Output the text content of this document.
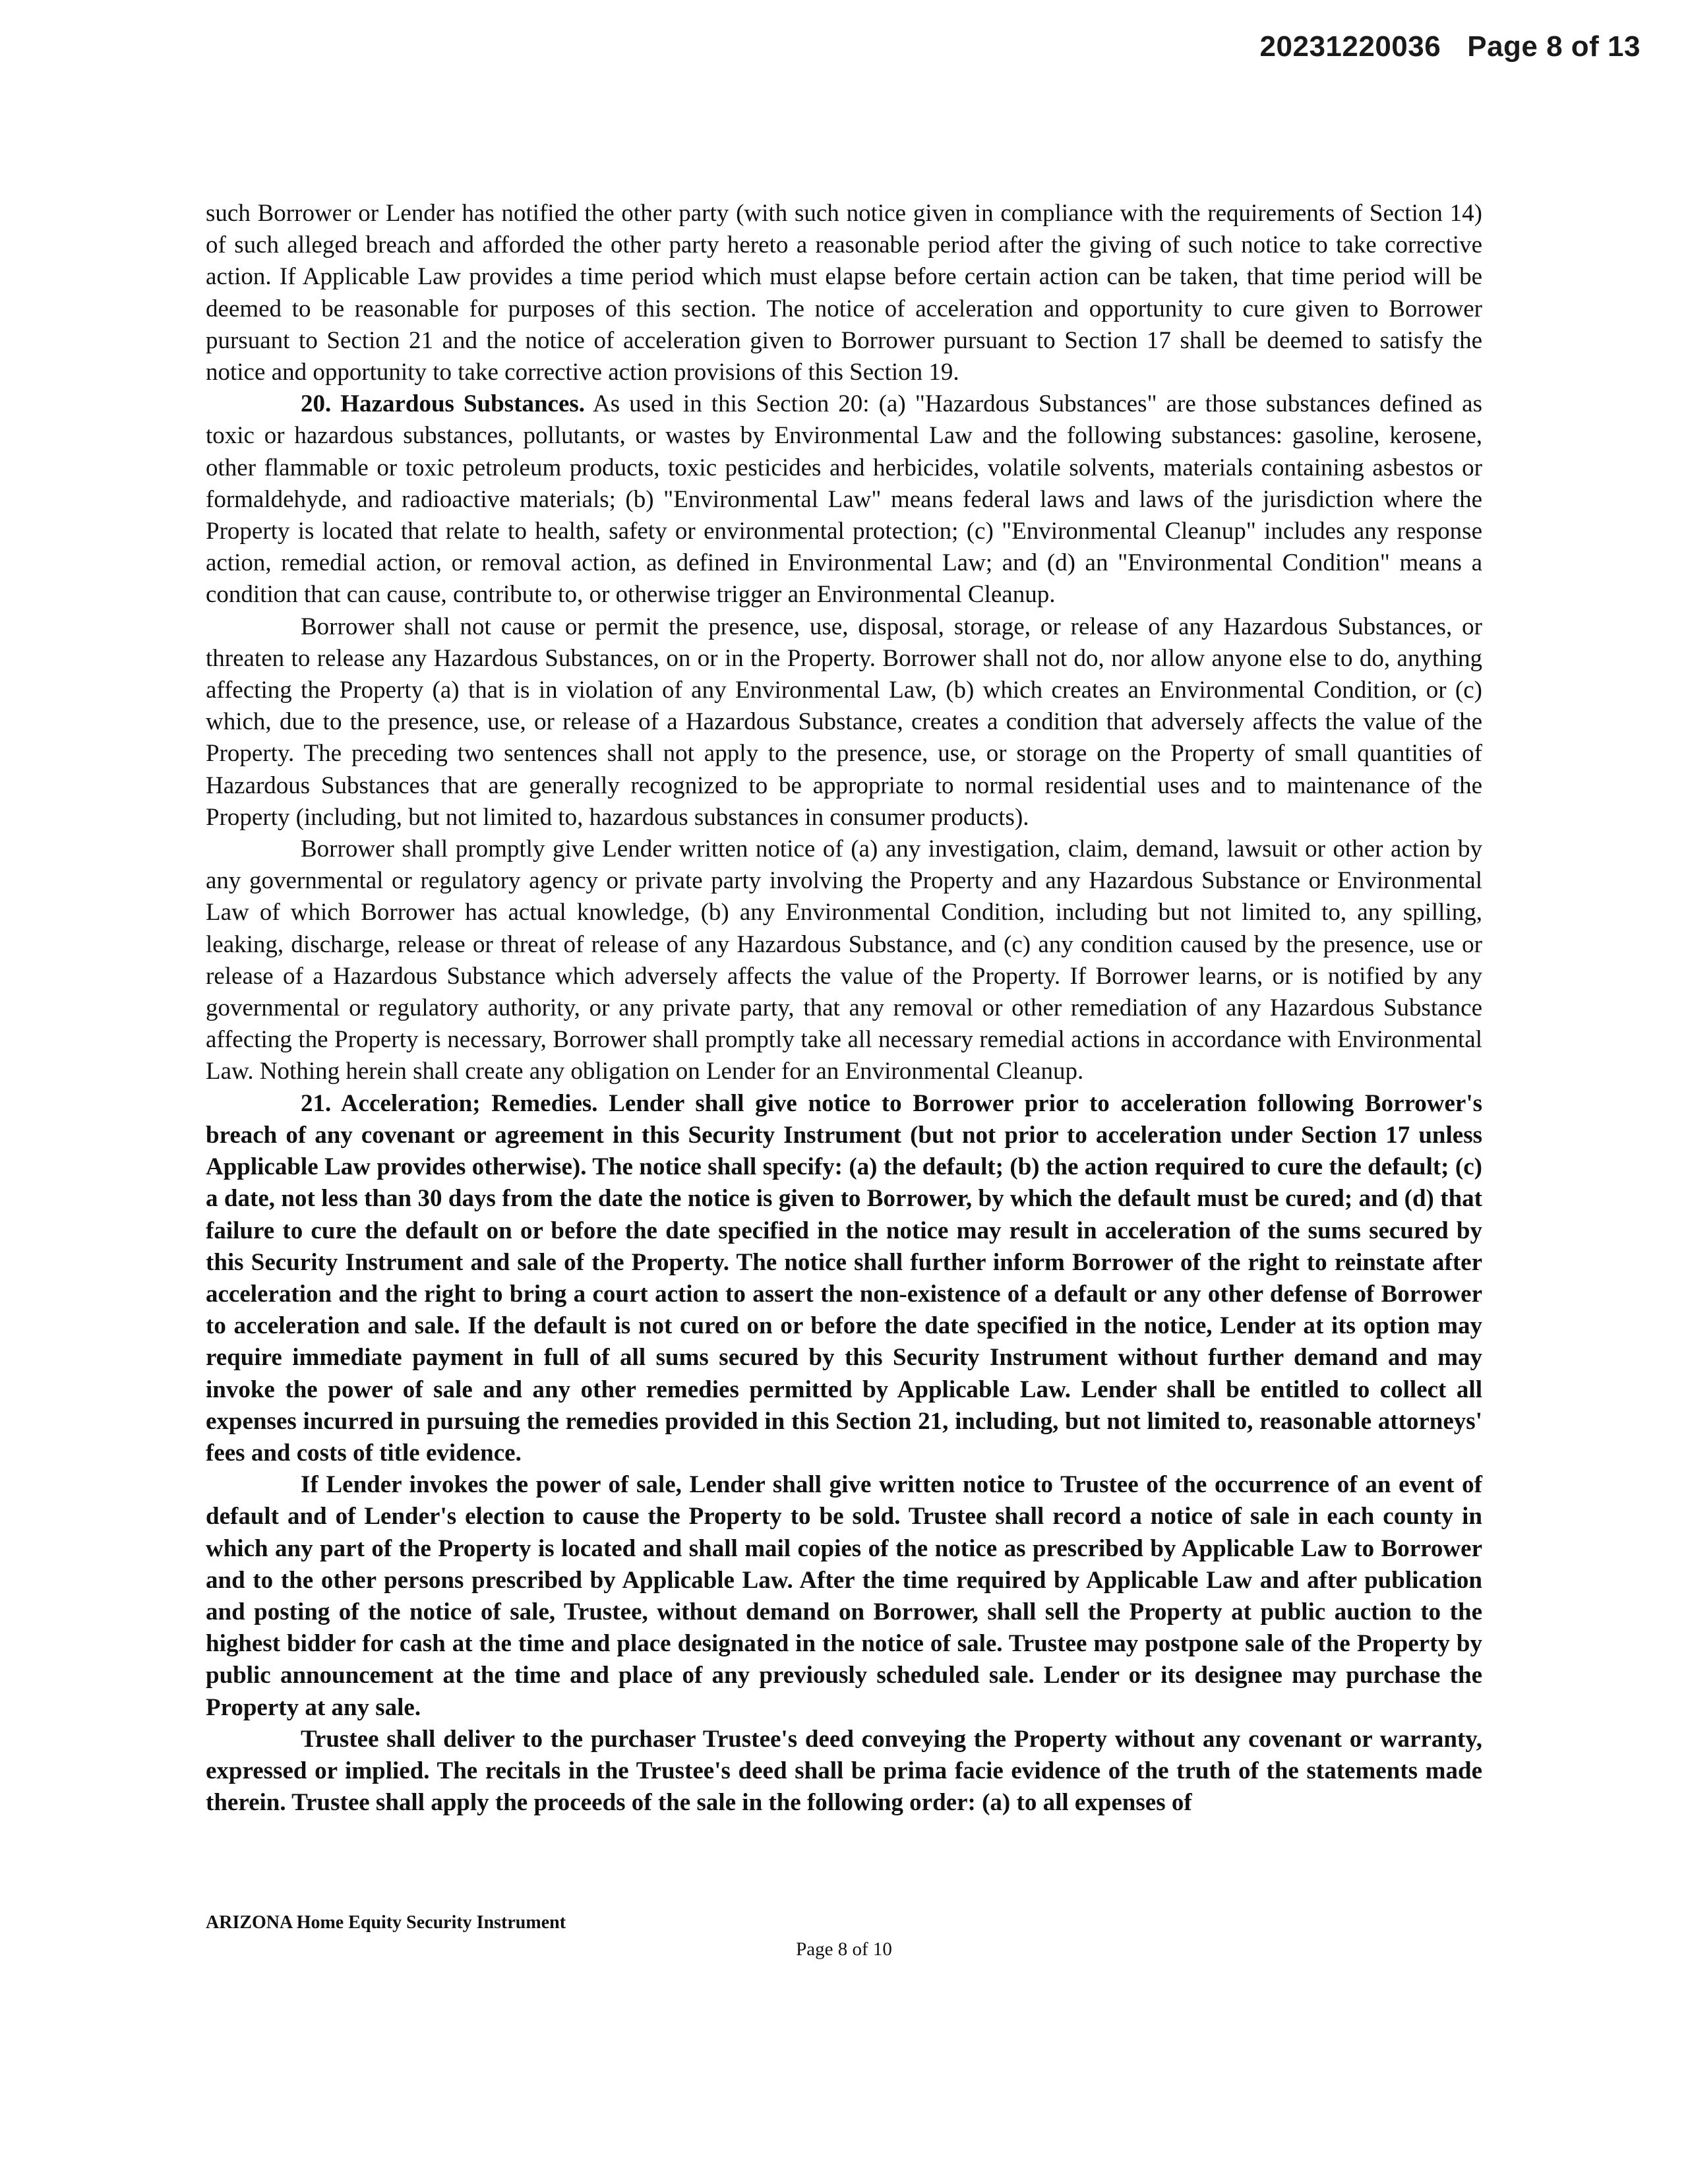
20231220036 Page 8 of 13

such Borrower or Lender has notified the other party (with such notice given in compliance with the requirements of Section 14) of such alleged breach and afforded the other party hereto a reasonable period after the giving of such notice to take corrective action. If Applicable Law provides a time period which must elapse before certain action can be taken, that time period will be deemed to be reasonable for purposes of this section. The notice of acceleration and opportunity to cure given to Borrower pursuant to Section 21 and the notice of acceleration given to Borrower pursuant to Section 17 shall be deemed to satisfy the notice and opportunity to take corrective action provisions of this Section 19.

20. Hazardous Substances. As used in this Section 20: (a) "Hazardous Substances" are those substances defined as toxic or hazardous substances, pollutants, or wastes by Environmental Law and the following substances: gasoline, kerosene, other flammable or toxic petroleum products, toxic pesticides and herbicides, volatile solvents, materials containing asbestos or formaldehyde, and radioactive materials; (b) "Environmental Law" means federal laws and laws of the jurisdiction where the Property is located that relate to health, safety or environmental protection; (c) "Environmental Cleanup" includes any response action, remedial action, or removal action, as defined in Environmental Law; and (d) an "Environmental Condition" means a condition that can cause, contribute to, or otherwise trigger an Environmental Cleanup.

Borrower shall not cause or permit the presence, use, disposal, storage, or release of any Hazardous Substances, or threaten to release any Hazardous Substances, on or in the Property. Borrower shall not do, nor allow anyone else to do, anything affecting the Property (a) that is in violation of any Environmental Law, (b) which creates an Environmental Condition, or (c) which, due to the presence, use, or release of a Hazardous Substance, creates a condition that adversely affects the value of the Property. The preceding two sentences shall not apply to the presence, use, or storage on the Property of small quantities of Hazardous Substances that are generally recognized to be appropriate to normal residential uses and to maintenance of the Property (including, but not limited to, hazardous substances in consumer products).

Borrower shall promptly give Lender written notice of (a) any investigation, claim, demand, lawsuit or other action by any governmental or regulatory agency or private party involving the Property and any Hazardous Substance or Environmental Law of which Borrower has actual knowledge, (b) any Environmental Condition, including but not limited to, any spilling, leaking, discharge, release or threat of release of any Hazardous Substance, and (c) any condition caused by the presence, use or release of a Hazardous Substance which adversely affects the value of the Property. If Borrower learns, or is notified by any governmental or regulatory authority, or any private party, that any removal or other remediation of any Hazardous Substance affecting the Property is necessary, Borrower shall promptly take all necessary remedial actions in accordance with Environmental Law. Nothing herein shall create any obligation on Lender for an Environmental Cleanup.

21. Acceleration; Remedies. Lender shall give notice to Borrower prior to acceleration following Borrower's breach of any covenant or agreement in this Security Instrument (but not prior to acceleration under Section 17 unless Applicable Law provides otherwise). The notice shall specify: (a) the default; (b) the action required to cure the default; (c) a date, not less than 30 days from the date the notice is given to Borrower, by which the default must be cured; and (d) that failure to cure the default on or before the date specified in the notice may result in acceleration of the sums secured by this Security Instrument and sale of the Property. The notice shall further inform Borrower of the right to reinstate after acceleration and the right to bring a court action to assert the non-existence of a default or any other defense of Borrower to acceleration and sale. If the default is not cured on or before the date specified in the notice, Lender at its option may require immediate payment in full of all sums secured by this Security Instrument without further demand and may invoke the power of sale and any other remedies permitted by Applicable Law. Lender shall be entitled to collect all expenses incurred in pursuing the remedies provided in this Section 21, including, but not limited to, reasonable attorneys' fees and costs of title evidence.

If Lender invokes the power of sale, Lender shall give written notice to Trustee of the occurrence of an event of default and of Lender's election to cause the Property to be sold. Trustee shall record a notice of sale in each county in which any part of the Property is located and shall mail copies of the notice as prescribed by Applicable Law to Borrower and to the other persons prescribed by Applicable Law. After the time required by Applicable Law and after publication and posting of the notice of sale, Trustee, without demand on Borrower, shall sell the Property at public auction to the highest bidder for cash at the time and place designated in the notice of sale. Trustee may postpone sale of the Property by public announcement at the time and place of any previously scheduled sale. Lender or its designee may purchase the Property at any sale.

Trustee shall deliver to the purchaser Trustee's deed conveying the Property without any covenant or warranty, expressed or implied. The recitals in the Trustee's deed shall be prima facie evidence of the truth of the statements made therein. Trustee shall apply the proceeds of the sale in the following order: (a) to all expenses of

ARIZONA Home Equity Security Instrument
Page 8 of 10
